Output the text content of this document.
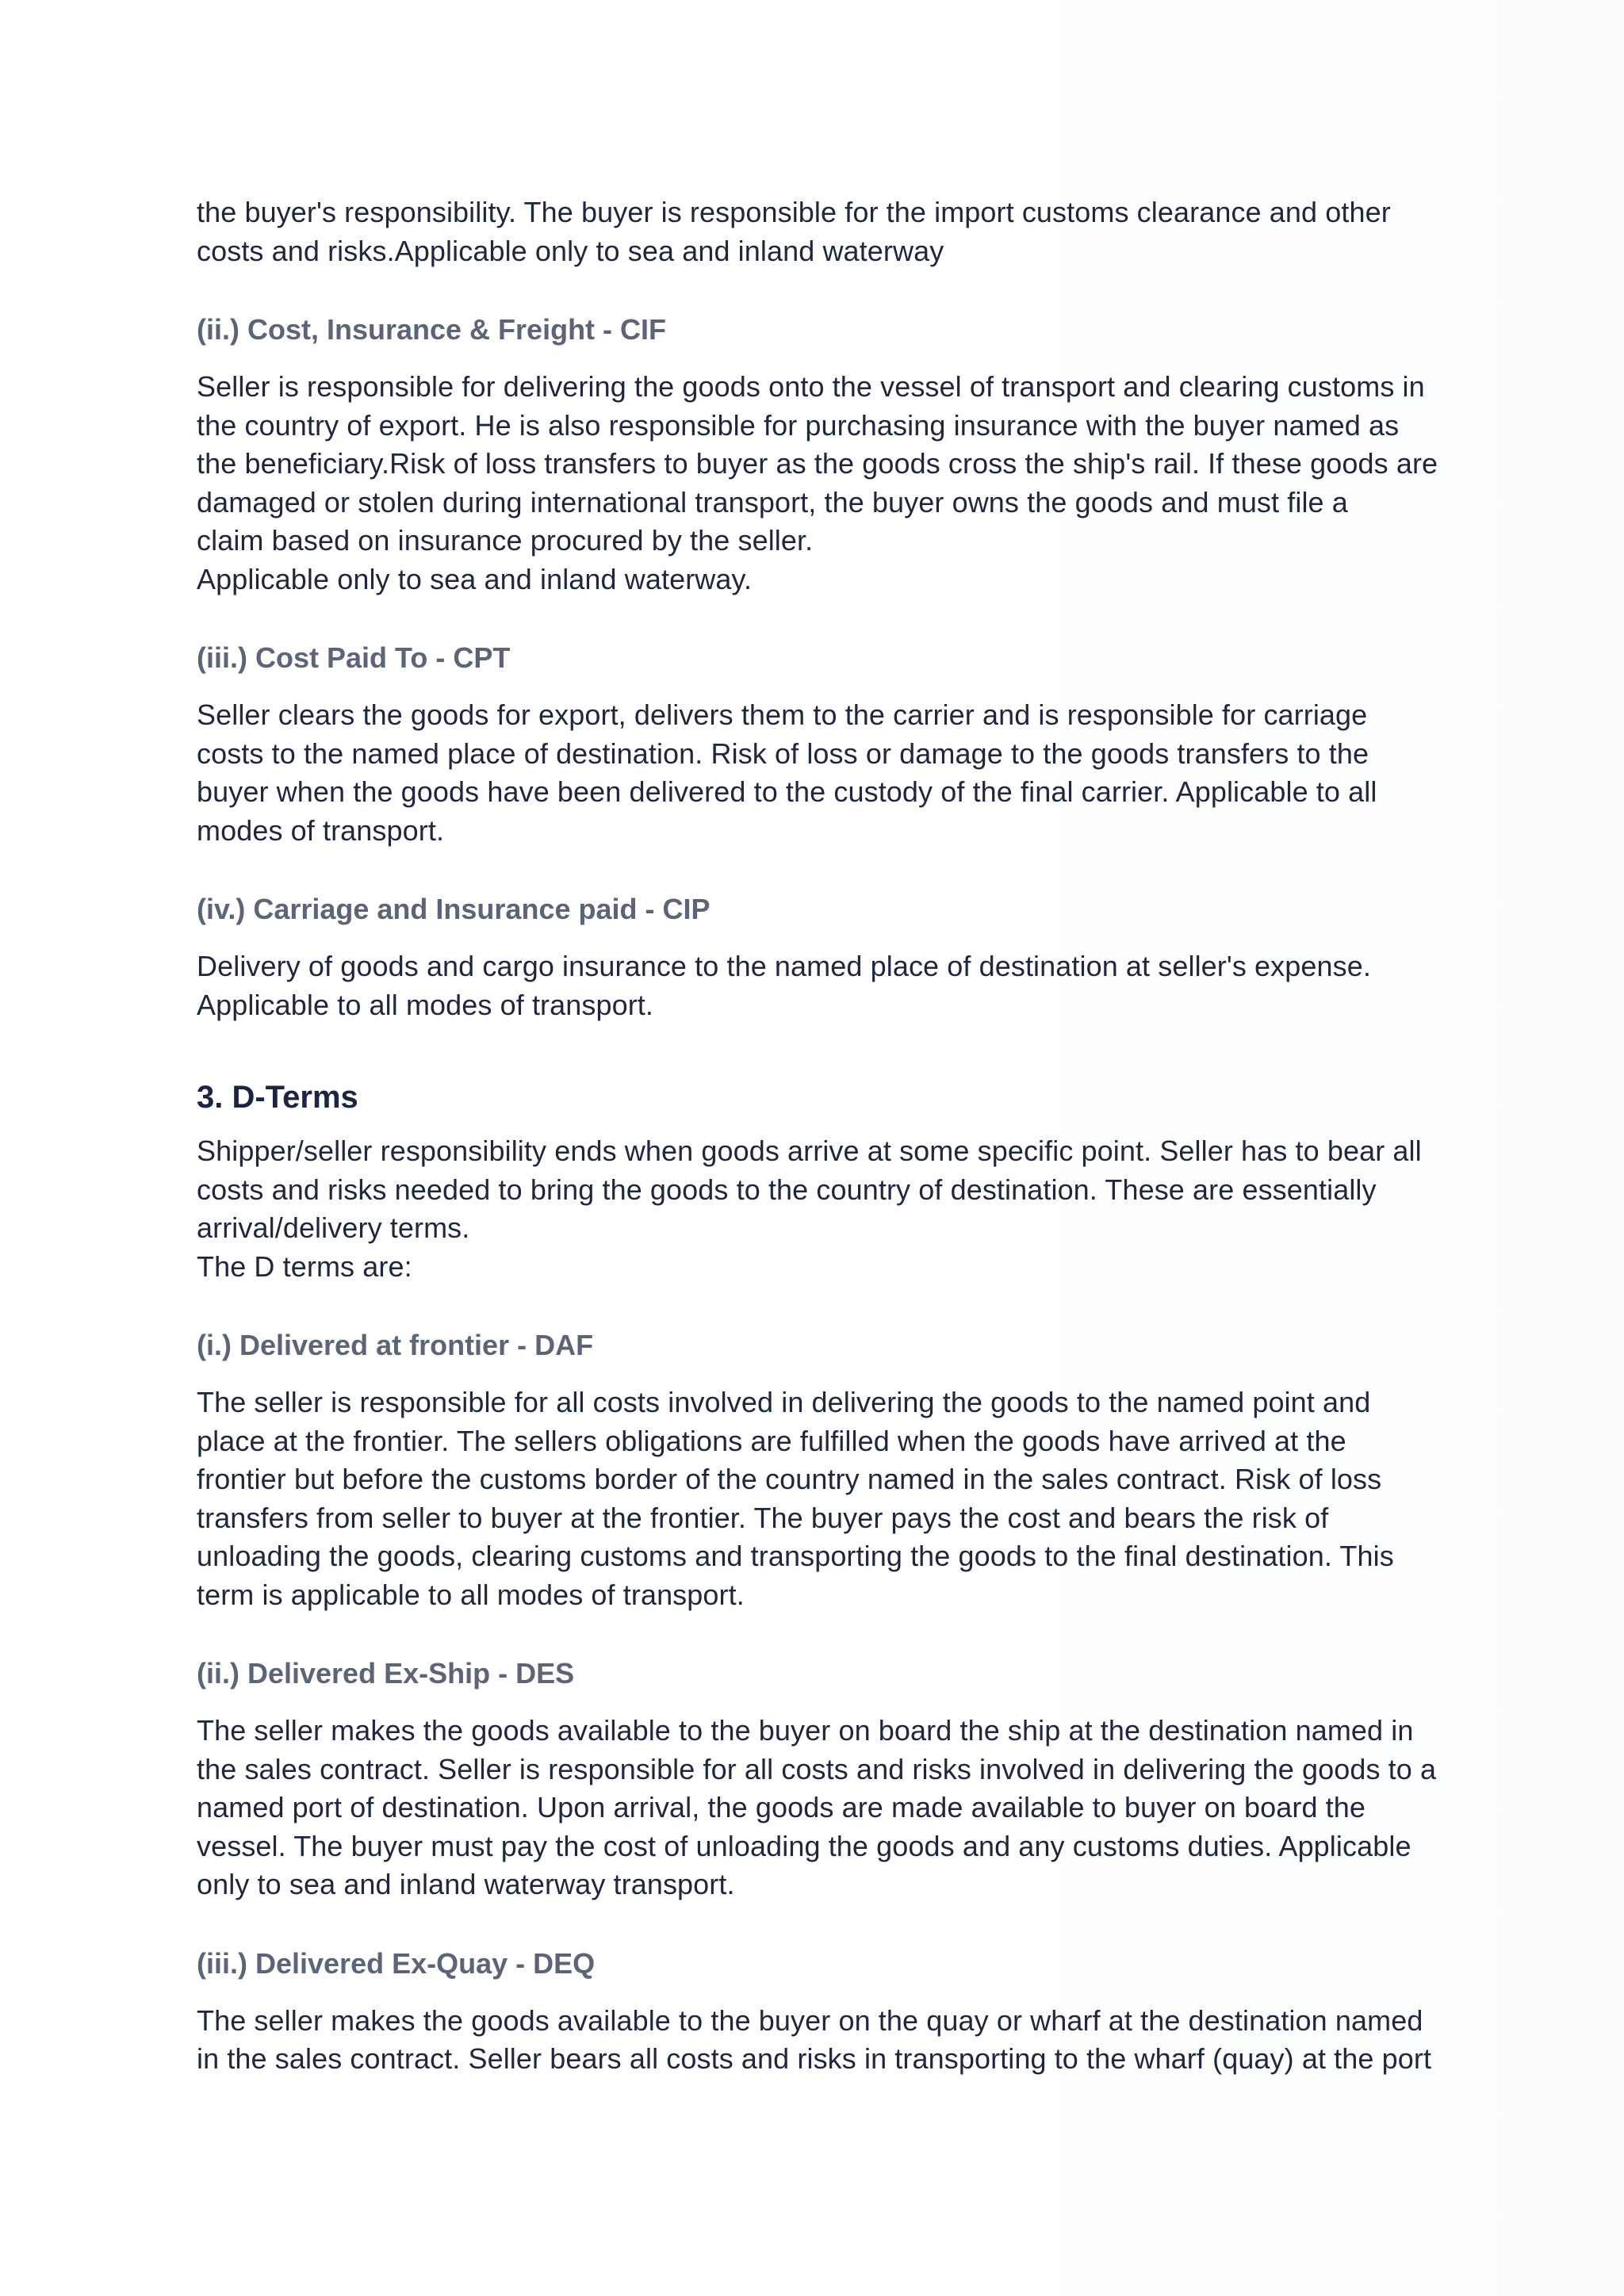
the buyer's responsibility. The buyer is responsible for the import customs clearance and other
costs and risks.Applicable only to sea and inland waterway

(ii.) Cost, Insurance & Freight - CIF

Seller is responsible for delivering the goods onto the vessel of transport and clearing customs in
the country of export. He is also responsible for purchasing insurance with the buyer named as
the beneficiary.Risk of loss transfers to buyer as the goods cross the ship's rail. If these goods are
damaged or stolen during international transport, the buyer owns the goods and must file a
claim based on insurance procured by the seller.
Applicable only to sea and inland waterway.

(iii.) Cost Paid To - CPT

Seller clears the goods for export, delivers them to the carrier and is responsible for carriage
costs to the named place of destination. Risk of loss or damage to the goods transfers to the
buyer when the goods have been delivered to the custody of the final carrier. Applicable to all
modes of transport.

(iv.) Carriage and Insurance paid - CIP

Delivery of goods and cargo insurance to the named place of destination at seller's expense.
Applicable to all modes of transport.

3. D-Terms

Shipper/seller responsibility ends when goods arrive at some specific point. Seller has to bear all
costs and risks needed to bring the goods to the country of destination. These are essentially
arrival/delivery terms.
The D terms are:

(i.) Delivered at frontier - DAF

The seller is responsible for all costs involved in delivering the goods to the named point and
place at the frontier. The sellers obligations are fulfilled when the goods have arrived at the
frontier but before the customs border of the country named in the sales contract. Risk of loss
transfers from seller to buyer at the frontier. The buyer pays the cost and bears the risk of
unloading the goods, clearing customs and transporting the goods to the final destination. This
term is applicable to all modes of transport.

(ii.) Delivered Ex-Ship - DES

The seller makes the goods available to the buyer on board the ship at the destination named in
the sales contract. Seller is responsible for all costs and risks involved in delivering the goods to a
named port of destination. Upon arrival, the goods are made available to buyer on board the
vessel. The buyer must pay the cost of unloading the goods and any customs duties. Applicable
only to sea and inland waterway transport.

(iii.) Delivered Ex-Quay - DEQ

The seller makes the goods available to the buyer on the quay or wharf at the destination named
in the sales contract. Seller bears all costs and risks in transporting to the wharf (quay) at the port
